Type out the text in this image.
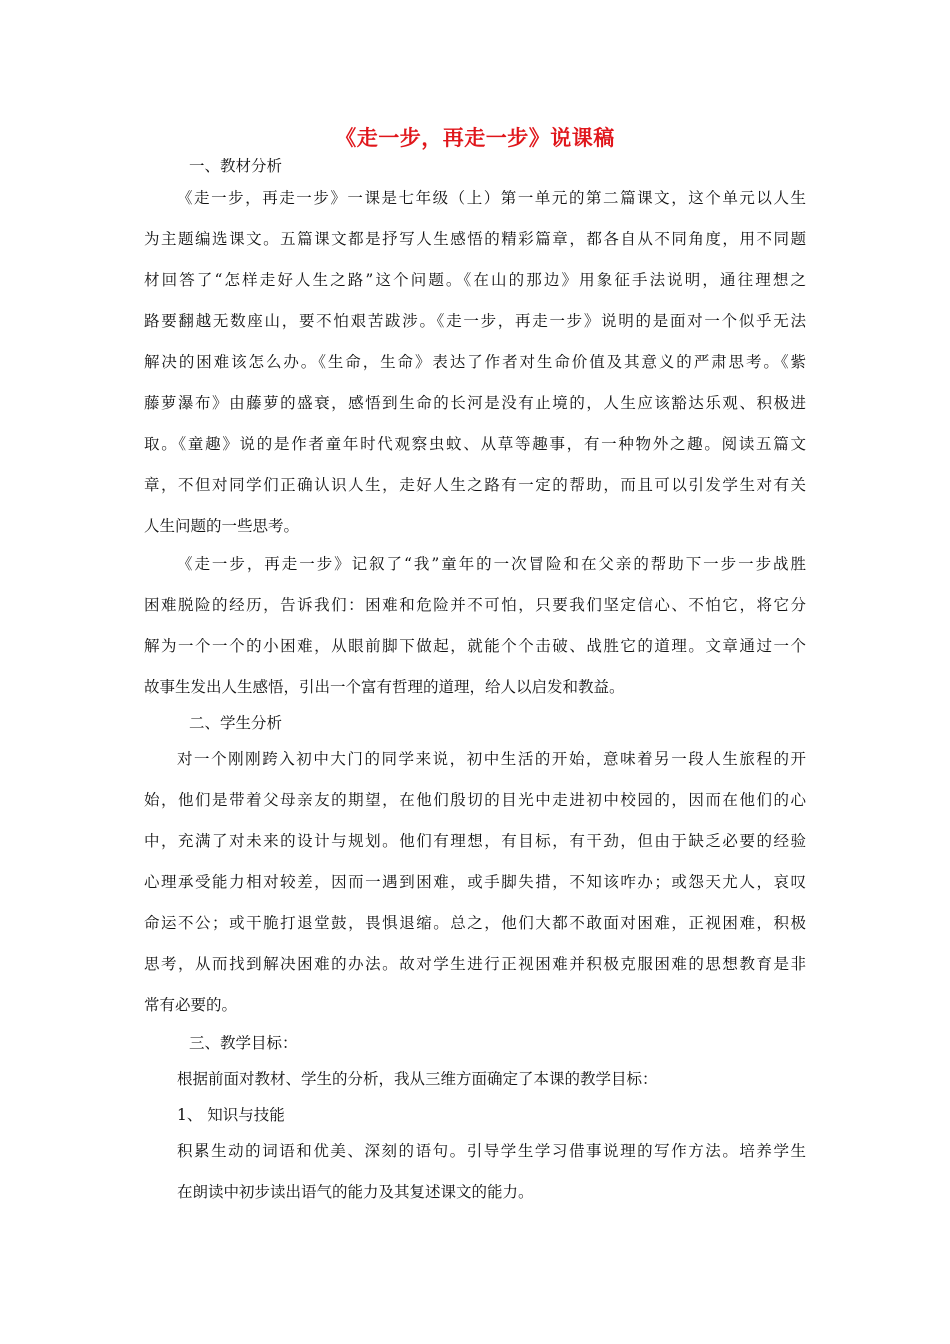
《走一步，再走一步》说课稿
一、教材分析
《走一步，再走一步》一课是七年级（上）第一单元的第二篇课文，这个单元以人生
为主题编选课文。五篇课文都是抒写人生感悟的精彩篇章，都各自从不同角度，用不同题
材回答了“怎样走好人生之路”这个问题。《在山的那边》用象征手法说明，通往理想之
路要翻越无数座山，要不怕艰苦跋涉。《走一步，再走一步》说明的是面对一个似乎无法
解决的困难该怎么办。《生命，生命》表达了作者对生命价值及其意义的严肃思考。《紫
藤萝瀑布》由藤萝的盛衰，感悟到生命的长河是没有止境的，人生应该豁达乐观、积极进
取。《童趣》说的是作者童年时代观察虫蚊、从草等趣事，有一种物外之趣。阅读五篇文
章，不但对同学们正确认识人生，走好人生之路有一定的帮助，而且可以引发学生对有关
人生问题的一些思考。
《走一步，再走一步》记叙了“我”童年的一次冒险和在父亲的帮助下一步一步战胜
困难脱险的经历，告诉我们：困难和危险并不可怕，只要我们坚定信心、不怕它，将它分
解为一个一个的小困难，从眼前脚下做起，就能个个击破、战胜它的道理。文章通过一个
故事生发出人生感悟，引出一个富有哲理的道理，给人以启发和教益。
二、学生分析
对一个刚刚跨入初中大门的同学来说，初中生活的开始，意味着另一段人生旅程的开
始，他们是带着父母亲友的期望，在他们殷切的目光中走进初中校园的，因而在他们的心
中，充满了对未来的设计与规划。他们有理想，有目标，有干劲，但由于缺乏必要的经验
心理承受能力相对较差，因而一遇到困难，或手脚失措，不知该咋办；或怨天尤人，哀叹
命运不公；或干脆打退堂鼓，畏惧退缩。总之，他们大都不敢面对困难，正视困难，积极
思考，从而找到解决困难的办法。故对学生进行正视困难并积极克服困难的思想教育是非
常有必要的。
三、教学目标：
根据前面对教材、学生的分析，我从三维方面确定了本课的教学目标：
1、 知识与技能
积累生动的词语和优美、深刻的语句。引导学生学习借事说理的写作方法。培养学生
在朗读中初步读出语气的能力及其复述课文的能力。
